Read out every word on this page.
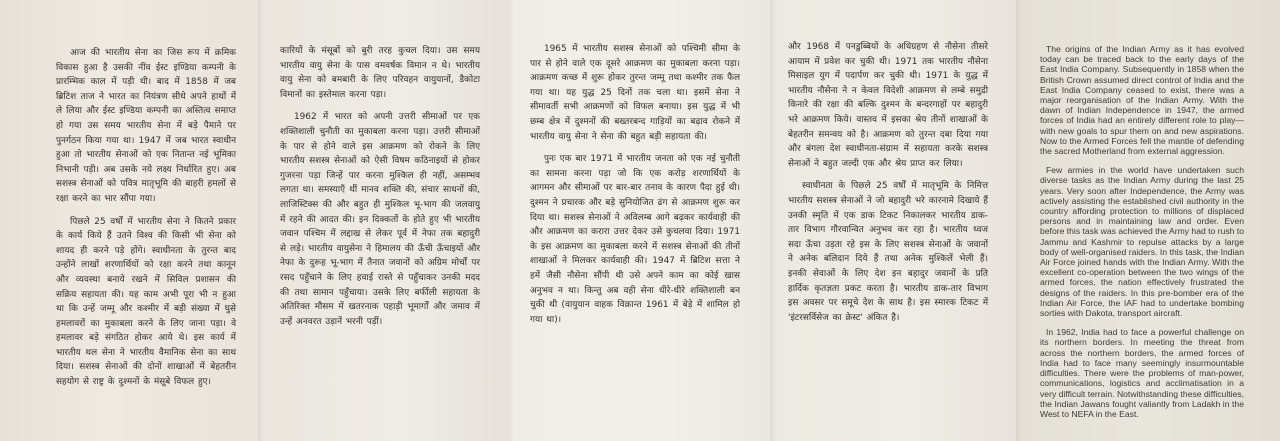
आज की भारतीय सेना का जिस रूप में क्रमिक विकास हुआ है उसकी नींव ईस्ट इण्डिया कम्पनी के प्रारम्भिक काल में पड़ी थी। बाद में 1858 में जब ब्रिटिश ताज ने भारत का नियंत्रण सीधे अपने हाथों में ले लिया और ईस्ट इण्डिया कम्पनी का अस्तित्व समाप्त हो गया उस समय भारतीय सेना में बड़े पैमाने पर पुनर्गठन किया गया था। 1947 में जब भारत स्वाधीन हुआ तो भारतीय सेनाओं को एक नितान्त नई भूमिका निभानी पड़ी। अब उसके नये लक्ष्य निर्धारित हुए। अब सशस्त्र सेनाओं को पवित्र मातृभूमि की बाहरी हमलों से रक्षा करने का भार सौंपा गया।

पिछले 25 वर्षों में भारतीय सेना ने कितने प्रकार के कार्य किये हैं उतने विश्व की किसी भी सेना को शायद ही करने पड़े होंगे। स्वाधीनता के तुरन्त बाद उन्होंने लाखों शरणार्थियों को रक्षा करने तथा कानून और व्यवस्था बनाये रखने में सिविल प्रशासन की सक्रिय सहायता की। यह काम अभी पूरा भी न हुआ था कि उन्हें जम्मू और कश्मीर में बड़ी संख्या में घुसे हमलावरों का मुकाबला करने के लिए जाना पड़ा। वे हमलावर बड़े संगठित होकर आये थे। इस कार्य में भारतीय थल सेना ने भारतीय वैमानिक सेना का साथ दिया। सशस्त्र सेनाओं की दोनों शाखाओं में बेहतरीन सहयोग से राष्ट्र के दुश्मनों के मंसूबे विफल हुए।

कारियों के मंसूबों को बुरी तरह कुचल दिया। उस समय भारतीय वायु सेना के पास वमवर्षक विमान न थे। भारतीय वायु सेना को बमबारी के लिए परिवहन वायुयानों, डैकोटा विमानों का इस्तेमाल करना पड़ा।

1962 में भारत को अपनी उत्तरी सीमाओं पर एक शक्तिशाली चुनौती का मुकाबला करना पड़ा। उत्तरी सीमाओं के पार से होने वाले इस आक्रमण को रोकने के लिए भारतीय सशस्त्र सेनाओं को ऐसी विषम कठिनाइयों से होकर गुजरना पड़ा जिन्हें पार करना मुश्किल ही नहीं, असम्भव लगता था। समस्याएँ थीं मानव शक्ति की, संचार साधनों की, लाजिस्टिक्स की और बहुत ही मुश्किल भू-भाग की जलवायु में रहने की आदत की। इन दिक्कतों के होते हुए भी भारतीय जवान पश्चिम में लद्दाख से लेकर पूर्व में नेफा तक बहादुरी से लड़े। भारतीय वायुसेना ने हिमालय की ऊँची ऊँचाइयों और नेफा के दुरूह भू-भाग में तैनात जवानों को अग्रिम मोर्चों पर रसद पहुँचाने के लिए हवाई रास्ते से पहुँचाकर उनकी मदद की तथा सामान पहुँचाया। उसके लिए बर्फीली सहायता के अतिरिक्त मौसम में खतरनाक पहाड़ी भूमार्गों और जमाव में उन्हें अनवरत उड़ानें भरनी पड़ीं।

1965 में भारतीय सशस्त्र सेनाओं को पश्चिमी सीमा के पार से होने वाले एक दूसरे आक्रमण का मुकाबला करना पड़ा। आक्रमण कच्छ में शुरू होकर तुरन्त जम्मू तथा कश्मीर तक फैल गया था। यह युद्ध 25 दिनों तक चला था। इसमें सेना ने सीमावर्ती सभी आक्रमणों को विफल बनाया। इस युद्ध में भी छम्ब क्षेत्र में दुश्मनों की बख्तरबन्द गाड़ियों का बढ़ाव रोकने में भारतीय वायु सेना ने सेना की बहुत बड़ी सहायता की।

पुनः एक बार 1971 में भारतीय जनता को एक नई चुनौती का सामना करना पड़ा जो कि एक करोड़ शरणार्थियों के आगमन और सीमाओं पर बार-बार तनाव के कारण पैदा हुई थी। दुश्मन ने प्रचारक और बड़े सुनियोजित ढंग से आक्रमण शुरू कर दिया था। सशस्त्र सेनाओं ने अविलम्ब आगे बढ़कर कार्यवाही की और आक्रमण का करारा उत्तर देकर उसे कुचलवा दिया। 1971 के इस आक्रमण का मुकाबला करने में सशस्त्र सेनाओं की तीनों शाखाओं ने मिलकर कार्यवाही की। 1947 में ब्रिटिश सत्ता ने हमें जैसी नौसेना सौंपी थी उसे अपने काम का कोई खास अनुभव न था। किन्तु अब वही सेना धीरे-धीरे शक्तिशाली बन चुकी थी (वायुयान वाहक विक्रान्त 1961 में बेड़े में शामिल हो गया था)।

और 1968 में पनडुब्बियों के अधिग्रहण से नौसेना तीसरे आयाम में प्रवेश कर चुकी थी। 1971 तक भारतीय नौसेना मिसाइल युग में पदार्पण कर चुकी थी। 1971 के युद्ध में भारतीय नौसेना ने न केवल विदेशी आक्रमण से लम्बे समुद्री किनारे की रक्षा की बल्कि दुश्मन के बन्दरगाहों पर बहादुरी भरे आक्रमण किये। वास्तव में इसका श्रेय तीनों शाखाओं के बेहतरीन समन्वय को है। आक्रमण को तुरन्त दबा दिया गया और बंगला देश स्वाधीनता-संग्राम में सहायता करके सशस्त्र सेनाओं ने बहुत जल्दी एक और श्रेय प्राप्त कर लिया।

स्वाधीनता के पिछले 25 वर्षों में मातृभूमि के निमित्त भारतीय सशस्त्र सेनाओं ने जो बहादुरी भरे कारनामे दिखाये हैं उनकी स्मृति में एक डाक टिकट निकालकर भारतीय डाक-तार विभाग गौरवान्वित अनुभव कर रहा है। भारतीय ध्वज सदा ऊँचा उड़ता रहे इस के लिए सशस्त्र सेनाओं के जवानों ने अनेक बलिदान दिये हैं तथा अनेक मुश्किलें भेली हैं। इनकी सेवाओं के लिए देश इन बहादुर जवानों के प्रति हार्दिक कृतज्ञता प्रकट करता है। भारतीय डाक-तार विभाग इस अवसर पर समूचे देश के साथ है। इस स्मारक टिकट में 'इंटरसर्विसेज का क्रेस्ट' अंकित है।

The origins of the Indian Army as it has evolved today can be traced back to the early days of the East India Company. Subsequently in 1858 when the British Crown assumed direct control of India and the East India Company ceased to exist, there was a major reorganisation of the Indian Army. With the dawn of Indian Independence in 1947, the armed forces of India had an entirely different role to play—with new goals to spur them on and new aspirations. Now to the Armed Forces fell the mantle of defending the sacred Motherland from external aggression.

Few armies in the world have undertaken such diverse tasks as the Indian Army during the last 25 years. Very soon after Independence, the Army was actively assisting the established civil authority in the country affording protection to millions of displaced persons and in maintaining law and order. Even before this task was achieved the Army had to rush to Jammu and Kashmir to repulse attacks by a large body of well-organised raiders. In this task, the Indian Air Force joined hands with the Indian Army. With the excellent co-operation between the two wings of the armed forces, the nation effectively frustrated the designs of the raiders. In this pre-bomber era of the Indian Air Force, the IAF had to undertake bombing sorties with Dakota, transport aircraft.

In 1962, India had to face a powerful challenge on its northern borders. In meeting the threat from across the northern borders, the armed forces of India had to face many seemingly insurmountable difficulties. There were the problems of man-power, communications, logistics and acclimatisation in a very difficult terrain. Notwithstanding these difficulties, the Indian Jawans fought valiantly from Ladakh in the West to NEFA in the East.
